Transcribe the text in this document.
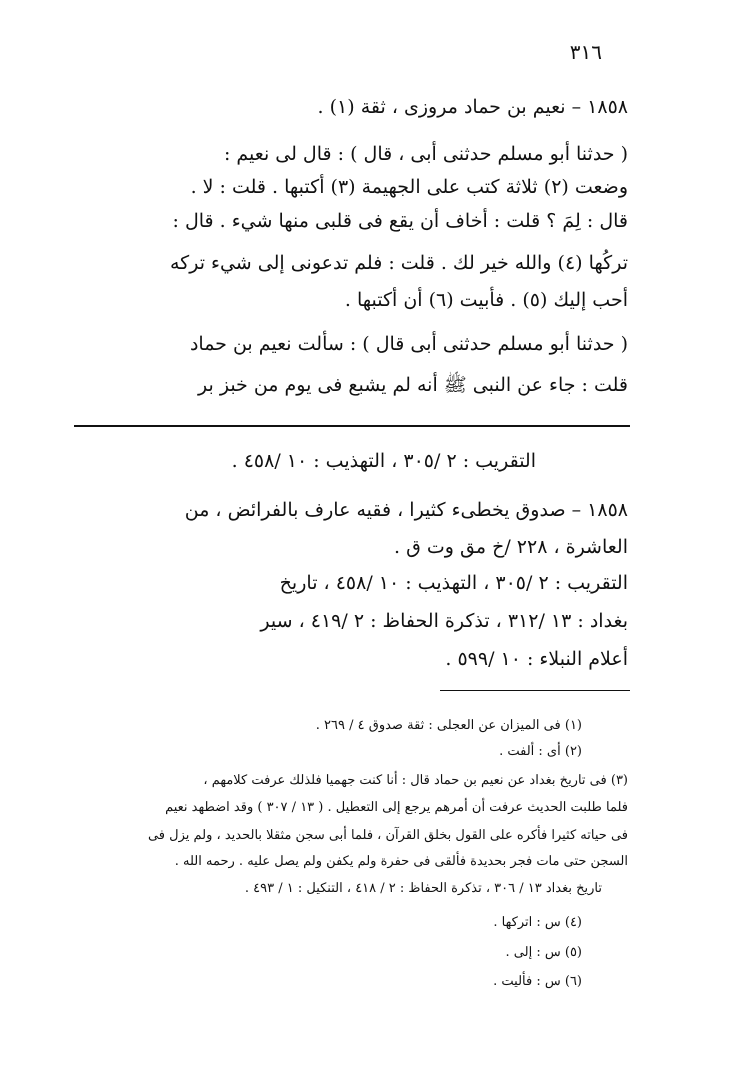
٣١٦
١٨٥٨ – نعيم بن حماد مروزى ، ثقة (١) .
( حدثنا أبو مسلم حدثنى أبى ، قال ) : قال لى نعيم :
وضعت (٢) ثلاثة كتب على الجهيمة (٣) أكتبها . قلت : لا .
قال : لِمَ ؟ قلت : أخاف أن يقع فى قلبى منها شيء . قال :
تركُها (٤) والله خير لك . قلت : فلم تدعونى إلى شيء تركه
أحب إليك (٥) . فأبيت (٦) أن أكتبها .
( حدثنا أبو مسلم حدثنى أبى قال ) : سألت نعيم بن حماد
قلت : جاء عن النبى ﷺ أنه لم يشبع فى يوم من خبز بر
التقريب : ٢ /٣٠٥ ، التهذيب : ١٠ /٤٥٨ .
١٨٥٨ – صدوق يخطىء كثيرا ، فقيه عارف بالفرائض ، من
العاشرة ، ٢٢٨ /خ مق وت ق .
التقريب : ٢ /٣٠٥ ، التهذيب : ١٠ /٤٥٨ ، تاريخ
بغداد : ١٣ /٣١٢ ، تذكرة الحفاظ : ٢ /٤١٩ ، سير
أعلام النبلاء : ١٠ /٥٩٩ .
(١) فى الميزان عن العجلى : ثقة صدوق ٤ / ٢٦٩ .
(٢) أى : ألفت .
(٣) فى تاريخ بغداد عن نعيم بن حماد قال : أنا كنت جهميا فلذلك عرفت كلامهم ،
فلما طلبت الحديث عرفت أن أمرهم يرجع إلى التعطيل . ( ١٣ / ٣٠٧ ) وقد اضطهد نعيم
فى حياته كثيرا فأكره على القول بخلق القرآن ، فلما أبى سجن مثقلا بالحديد ، ولم يزل فى
السجن حتى مات فجر بحديدة فألقى فى حفرة ولم يكفن ولم يصل عليه . رحمه الله .
تاريخ بغداد ١٣ / ٣٠٦ ، تذكرة الحفاظ : ٢ / ٤١٨ ، التنكيل : ١ / ٤٩٣ .
(٤) س : اتركها .
(٥) س : إلى .
(٦) س : فأليت .
